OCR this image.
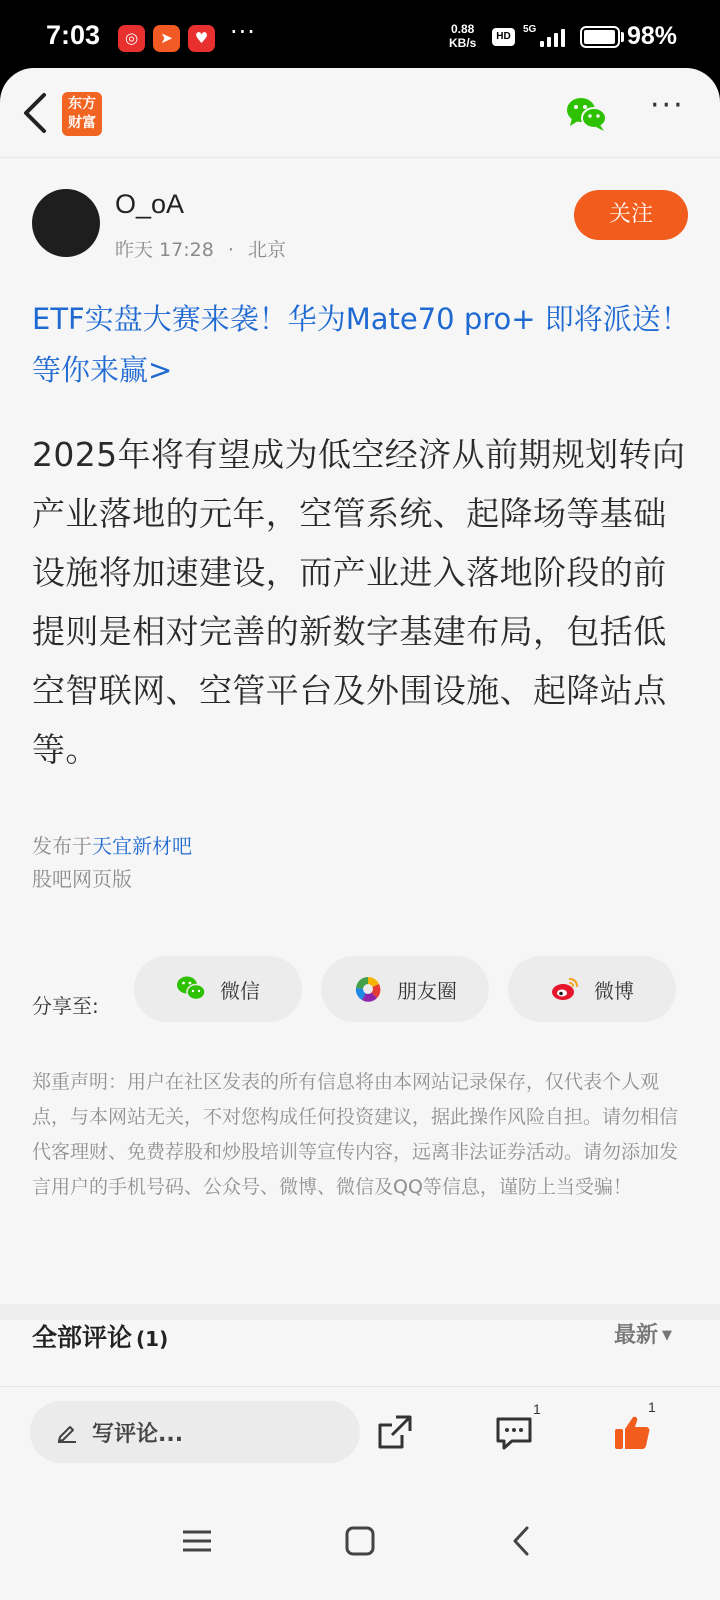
7:03	◎	➤	♥ ···	0.88
KB/s	HD
5G	98%
东方
财富	···
O_oA
昨天 17:28 · 北京
关注
ETF实盘大赛来袭！华为Mate70 pro+ 即将派送！等你来赢>
2025年将有望成为低空经济从前期规划转向产业落地的元年，空管系统、起降场等基础设施将加速建设，而产业进入落地阶段的前提则是相对完善的新数字基建布局，包括低空智联网、空管平台及外围设施、起降站点等。
发布于天宜新材吧
股吧网页版
分享至:
微信	朋友圈	微博
郑重声明：用户在社区发表的所有信息将由本网站记录保存，仅代表个人观点，与本网站无关，不对您构成任何投资建议，据此操作风险自担。请勿相信代客理财、免费荐股和炒股培训等宣传内容，远离非法证券活动。请勿添加发言用户的手机号码、公众号、微博、微信及QQ等信息，谨防上当受骗！
全部评论 (1)	最新 ▼
写评论...
1	1
